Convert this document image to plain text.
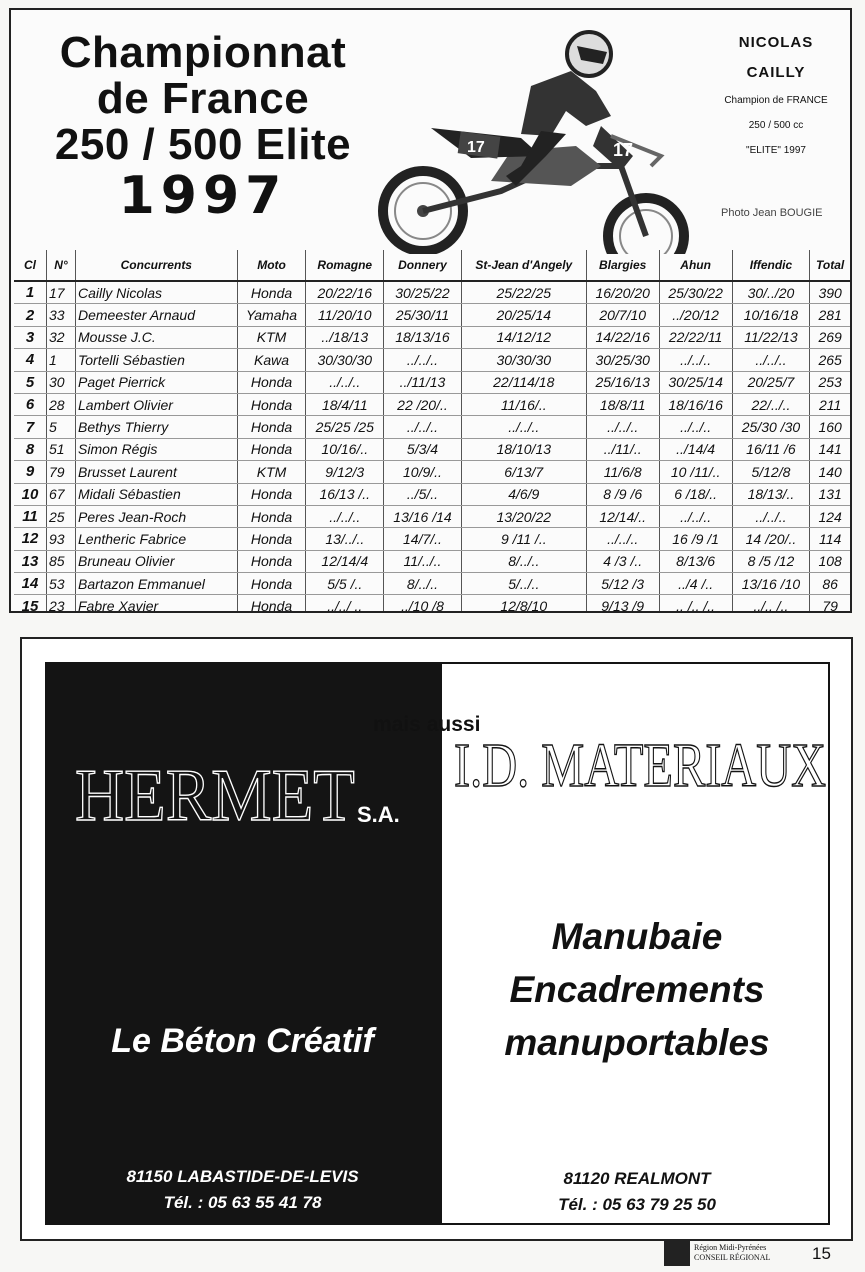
Championnat
de France
250 / 500 Elite
1997
17	17
NICOLAS
CAILLY
Champion de FRANCE
250 / 500 cc
"ELITE" 1997
Photo Jean BOUGIE
Cl	N°	Concurrents	Moto	Romagne	Donnery	St-Jean d'Angely	Blargies	Ahun	Iffendic	Total
1	17	Cailly Nicolas	Honda	20/22/16	30/25/22	25/22/25	16/20/20	25/30/22	30/../20	390
2	33	Demeester Arnaud	Yamaha	11/20/10	25/30/11	20/25/14	20/7/10	../20/12	10/16/18	281
3	32	Mousse J.C.	KTM	../18/13	18/13/16	14/12/12	14/22/16	22/22/11	11/22/13	269
4	1	Tortelli Sébastien	Kawa	30/30/30	../../..	30/30/30	30/25/30	../../..	../../..	265
5	30	Paget Pierrick	Honda	../../..	../11/13	22/114/18	25/16/13	30/25/14	20/25/7	253
6	28	Lambert Olivier	Honda	18/4/11	22 /20/..	11/16/..	18/8/11	18/16/16	22/../..	211
7	5	Bethys Thierry	Honda	25/25 /25	../../..	../../..	../../..	../../..	25/30 /30	160
8	51	Simon Régis	Honda	10/16/..	5/3/4	18/10/13	../11/..	../14/4	16/11 /6	141
9	79	Brusset Laurent	KTM	9/12/3	10/9/..	6/13/7	11/6/8	10 /11/..	5/12/8	140
10	67	Midali Sébastien	Honda	16/13 /..	../5/..	4/6/9	8 /9 /6	6 /18/..	18/13/..	131
11	25	Peres Jean-Roch	Honda	../../..	13/16 /14	13/20/22	12/14/..	../../..	../../..	124
12	93	Lentheric Fabrice	Honda	13/../..	14/7/..	9 /11 /..	../../..	16 /9 /1	14 /20/..	114
13	85	Bruneau Olivier	Honda	12/14/4	11/../..	8/../..	4 /3 /..	8/13/6	8 /5 /12	108
14	53	Bartazon Emmanuel	Honda	5/5 /..	8/../..	5/../..	5/12 /3	../4 /..	13/16 /10	86
15	23	Fabre Xavier	Honda	../../ ..	../10 /8	12/8/10	9/13 /9	.. /.. /..	../.. /..	79
HERMET S.A.
Le Béton Créatif
81150 LABASTIDE-DE-LEVIS
Tél. : 05 63 55 41 78
Manubaie
Encadrements
manuportables
81120 REALMONT
Tél. : 05 63 79 25 50
mais aussi
I.D. MATERIAUX
Région Midi-Pyrénées
CONSEIL RÉGIONAL 15
